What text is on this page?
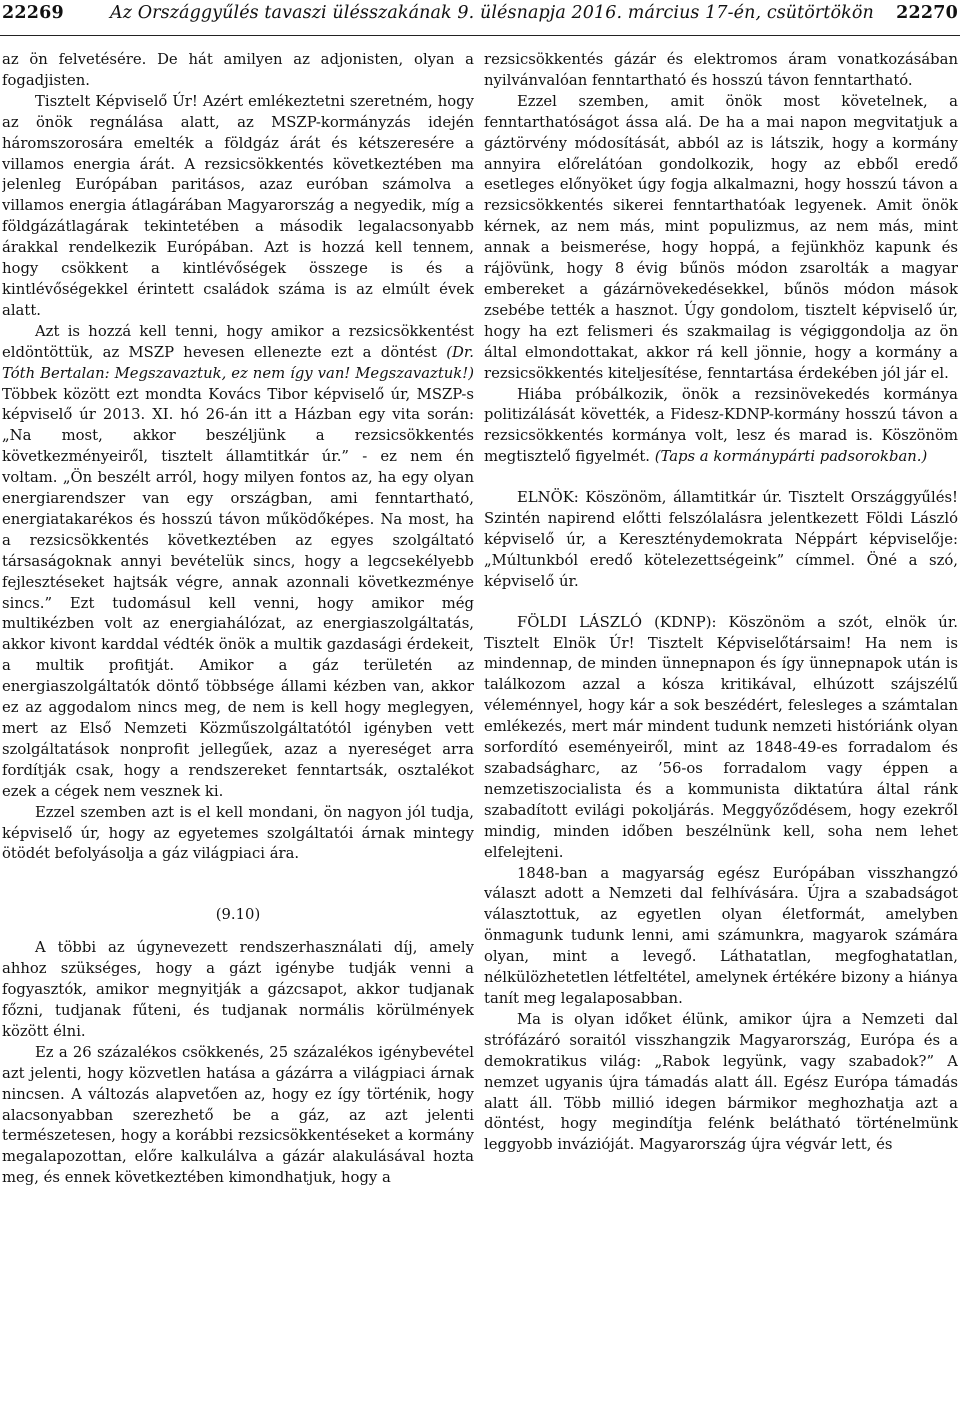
22269	Az Országgyűlés tavaszi ülésszakának 9. ülésnapja 2016. március 17-én, csütörtökön 22270

az ön felvetésére. De hát amilyen az adjonisten, olyan a fogadjisten.

Tisztelt Képviselő Úr! Azért emlékeztetni szeretném, hogy az önök regnálása alatt, az MSZP-kormányzás idején háromszorosára emelték a földgáz árát és kétszeresére a villamos energia árát. A rezsicsökkentés következtében ma jelenleg Európában paritásos, azaz euróban számolva a villamos energia átlagárában Magyarország a negyedik, míg a földgázátlagárak tekintetében a második legalacsonyabb árakkal rendelkezik Európában. Azt is hozzá kell tennem, hogy csökkent a kintlévőségek összege is és a kintlévőségekkel érintett családok száma is az elmúlt évek alatt.

Azt is hozzá kell tenni, hogy amikor a rezsicsökkentést eldöntöttük, az MSZP hevesen ellenezte ezt a döntést (Dr. Tóth Bertalan: Megszavaztuk, ez nem így van! Megszavaztuk!) Többek között ezt mondta Kovács Tibor képviselő úr, MSZP-s képviselő úr 2013. XI. hó 26-án itt a Házban egy vita során: „Na most, akkor beszéljünk a rezsicsökkentés következményeiről, tisztelt államtitkár úr.” - ez nem én voltam. „Ön beszélt arról, hogy milyen fontos az, ha egy olyan energiarendszer van egy országban, ami fenntartható, energiatakarékos és hosszú távon működőképes. Na most, ha a rezsicsökkentés következtében az egyes szolgáltató társaságoknak annyi bevételük sincs, hogy a legcsekélyebb fejlesztéseket hajtsák végre, annak azonnali következménye sincs.” Ezt tudomásul kell venni, hogy amikor még multikézben volt az energiahálózat, az energiaszolgáltatás, akkor kivont karddal védték önök a multik gazdasági érdekeit, a multik profitját. Amikor a gáz területén az energiaszolgáltatók döntő többsége állami kézben van, akkor ez az aggodalom nincs meg, de nem is kell hogy meglegyen, mert az Első Nemzeti Közműszolgáltatótól igényben vett szolgáltatások nonprofit jellegűek, azaz a nyereséget arra fordítják csak, hogy a rendszereket fenntartsák, osztalékot ezek a cégek nem vesznek ki.

Ezzel szemben azt is el kell mondani, ön nagyon jól tudja, képviselő úr, hogy az egyetemes szolgáltatói árnak mintegy ötödét befolyásolja a gáz világpiaci ára.

(9.10)

A többi az úgynevezett rendszerhasználati díj, amely ahhoz szükséges, hogy a gázt igénybe tudják venni a fogyasztók, amikor megnyitják a gázcsapot, akkor tudjanak főzni, tudjanak fűteni, és tudjanak normális körülmények között élni.

Ez a 26 százalékos csökkenés, 25 százalékos igénybevétel azt jelenti, hogy közvetlen hatása a gázárra a világpiaci árnak nincsen. A változás alapvetően az, hogy ez így történik, hogy alacsonyabban szerezhető be a gáz, az azt jelenti természetesen, hogy a korábbi rezsicsökkentéseket a kormány megalapozottan, előre kalkulálva a gázár alakulásával hozta meg, és ennek következtében kimondhatjuk, hogy a

rezsicsökkentés gázár és elektromos áram vonatkozásában nyilvánvalóan fenntartható és hosszú távon fenntartható.

Ezzel szemben, amit önök most követelnek, a fenntarthatóságot ássa alá. De ha a mai napon megvitatjuk a gáztörvény módosítását, abból az is látszik, hogy a kormány annyira előrelátóan gondolkozik, hogy az ebből eredő esetleges előnyöket úgy fogja alkalmazni, hogy hosszú távon a rezsicsökkentés sikerei fenntarthatóak legyenek. Amit önök kérnek, az nem más, mint populizmus, az nem más, mint annak a beismerése, hogy hoppá, a fejünkhöz kapunk és rájövünk, hogy 8 évig bűnös módon zsarolták a magyar embereket a gázárnövekedésekkel, bűnös módon mások zsebébe tették a hasznot. Úgy gondolom, tisztelt képviselő úr, hogy ha ezt felismeri és szakmailag is végiggondolja az ön által elmondottakat, akkor rá kell jönnie, hogy a kormány a rezsicsökkentés kiteljesítése, fenntartása érdekében jól jár el.

Hiába próbálkozik, önök a rezsinövekedés kormánya politizálását követték, a Fidesz-KDNP-kormány hosszú távon a rezsicsökkentés kormánya volt, lesz és marad is. Köszönöm megtisztelő figyelmét. (Taps a kormánypárti padsorokban.)

ELNÖK: Köszönöm, államtitkár úr. Tisztelt Országgyűlés! Szintén napirend előtti felszólalásra jelentkezett Földi László képviselő úr, a Kereszténydemokrata Néppárt képviselője: „Múltunkból eredő kötelezettségeink” címmel. Öné a szó, képviselő úr.

FÖLDI LÁSZLÓ (KDNP): Köszönöm a szót, elnök úr. Tisztelt Elnök Úr! Tisztelt Képviselőtársaim! Ha nem is mindennap, de minden ünnepnapon és így ünnepnapok után is találkozom azzal a kósza kritikával, elhúzott szájszélű véleménnyel, hogy kár a sok beszédért, felesleges a számtalan emlékezés, mert már mindent tudunk nemzeti históriánk olyan sorfordító eseményeiről, mint az 1848-49-es forradalom és szabadságharc, az ’56-os forradalom vagy éppen a nemzetiszocialista és a kommunista diktatúra által ránk szabadított evilági pokoljárás. Meggyőződésem, hogy ezekről mindig, minden időben beszélnünk kell, soha nem lehet elfelejteni.

1848-ban a magyarság egész Európában visszhangzó választ adott a Nemzeti dal felhívására. Újra a szabadságot választottuk, az egyetlen olyan életformát, amelyben önmagunk tudunk lenni, ami számunkra, magyarok számára olyan, mint a levegő. Láthatatlan, megfoghatatlan, nélkülözhetetlen létfeltétel, amelynek értékére bizony a hiánya tanít meg legalaposabban.

Ma is olyan időket élünk, amikor újra a Nemzeti dal strófázáró soraitól visszhangzik Magyarország, Európa és a demokratikus világ: „Rabok legyünk, vagy szabadok?” A nemzet ugyanis újra támadás alatt áll. Egész Európa támadás alatt áll. Több millió idegen bármikor meghozhatja azt a döntést, hogy megindítja felénk belátható történelmünk leggyobb invázióját. Magyarország újra végvár lett, és
